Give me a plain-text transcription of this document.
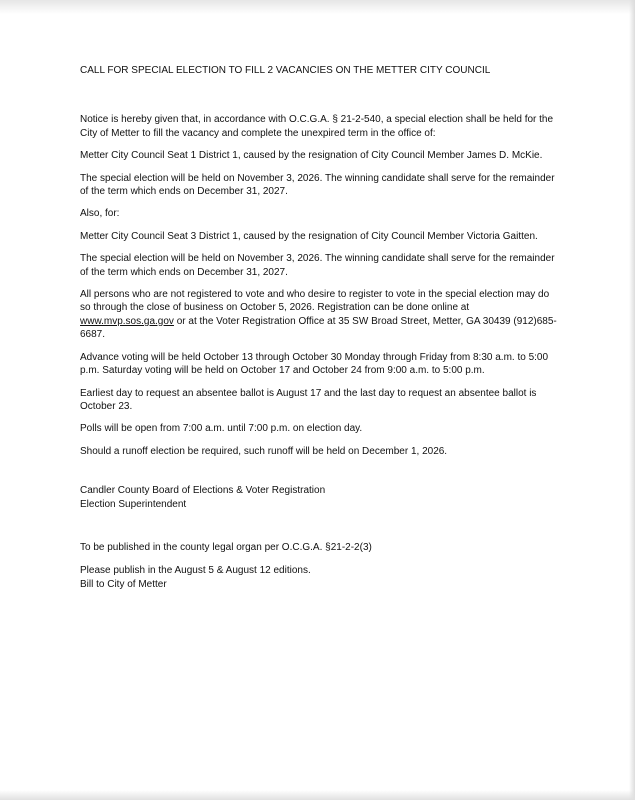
CALL FOR SPECIAL ELECTION TO FILL 2 VACANCIES ON THE METTER CITY COUNCIL

Notice is hereby given that, in accordance with O.C.G.A. § 21-2-540, a special election shall be held for the City of Metter to fill the vacancy and complete the unexpired term in the office of:

Metter City Council Seat 1 District 1, caused by the resignation of City Council Member James D. McKie.

The special election will be held on November 3, 2026. The winning candidate shall serve for the remainder of the term which ends on December 31, 2027.

Also, for:

Metter City Council Seat 3 District 1, caused by the resignation of City Council Member Victoria Gaitten.

The special election will be held on November 3, 2026. The winning candidate shall serve for the remainder of the term which ends on December 31, 2027.

All persons who are not registered to vote and who desire to register to vote in the special election may do so through the close of business on October 5, 2026. Registration can be done online at www.mvp.sos.ga.gov or at the Voter Registration Office at 35 SW Broad Street, Metter, GA 30439 (912)685-6687.

Advance voting will be held October 13 through October 30 Monday through Friday from 8:30 a.m. to 5:00 p.m. Saturday voting will be held on October 17 and October 24 from 9:00 a.m. to 5:00 p.m.

Earliest day to request an absentee ballot is August 17 and the last day to request an absentee ballot is October 23.

Polls will be open from 7:00 a.m. until 7:00 p.m. on election day.

Should a runoff election be required, such runoff will be held on December 1, 2026.

Candler County Board of Elections & Voter Registration
Election Superintendent
To be published in the county legal organ per O.C.G.A. §21-2-2(3)
Please publish in the August 5 & August 12 editions.
Bill to City of Metter
